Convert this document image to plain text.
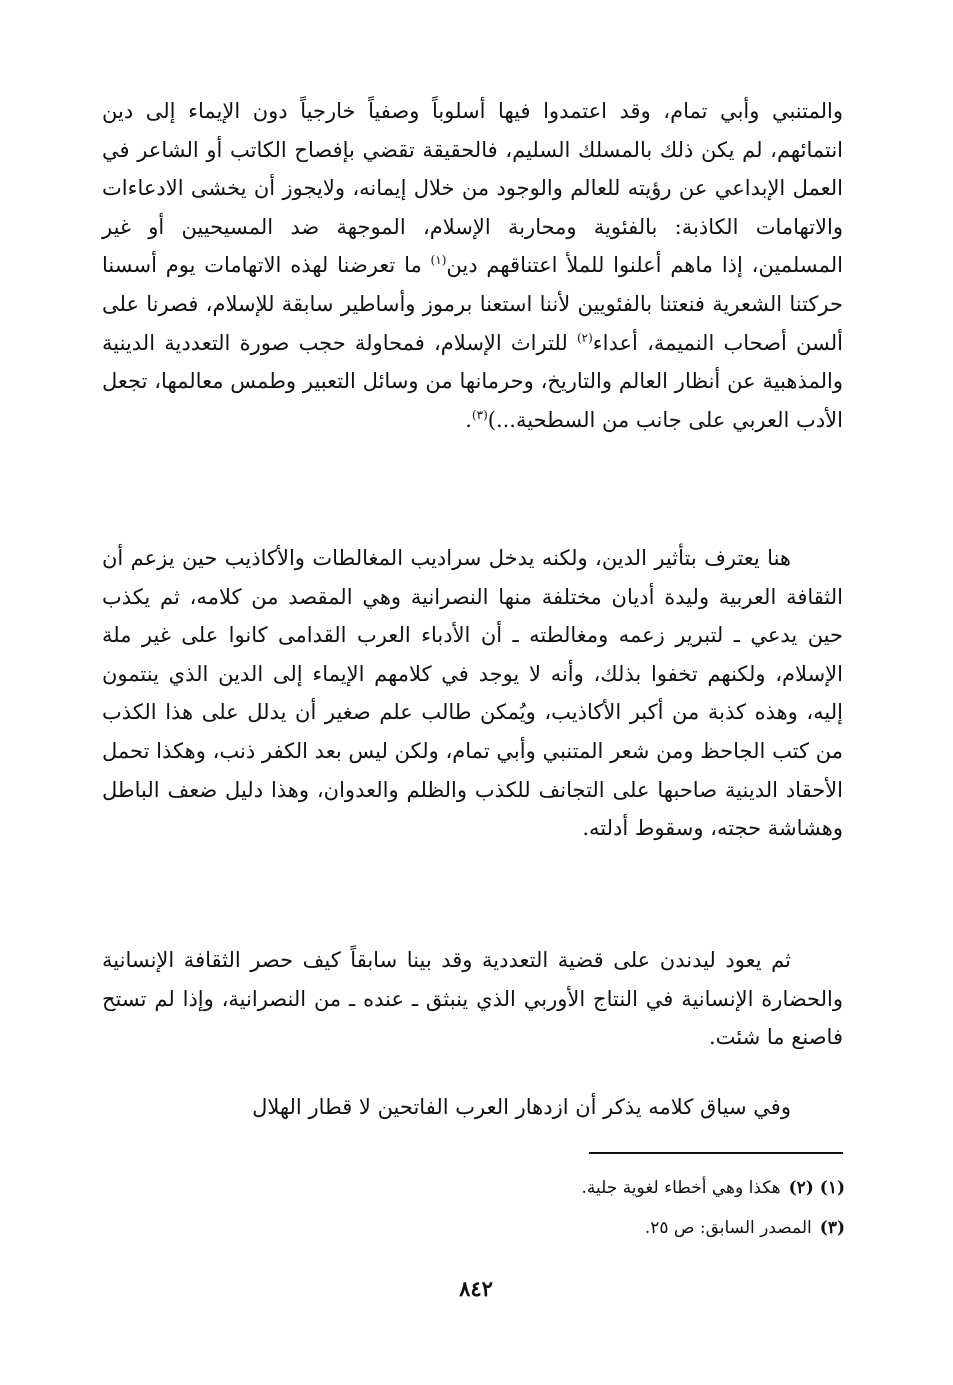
والمتنبي وأبي تمام، وقد اعتمدوا فيها أسلوباً وصفياً خارجياً دون الإيماء إلى دين انتمائهم، لم يكن ذلك بالمسلك السليم، فالحقيقة تقضي بإفصاح الكاتب أو الشاعر في العمل الإبداعي عن رؤيته للعالم والوجود من خلال إيمانه، ولايجوز أن يخشى الادعاءات والاتهامات الكاذبة: بالفئوية ومحاربة الإسلام، الموجهة ضد المسيحيين أو غير المسلمين، إذا ماهم أعلنوا للملأ اعتناقهم دين$^{(١)}$ ما تعرضنا لهذه الاتهامات يوم أسسنا حركتنا الشعرية فنعتنا بالفئويين لأننا استعنا برموز وأساطير سابقة للإسلام، فصرنا على ألسن أصحاب النميمة، أعداء$^{(٢)}$ للتراث الإسلام، فمحاولة حجب صورة التعددية الدينية والمذهبية عن أنظار العالم والتاريخ، وحرمانها من وسائل التعبير وطمس معالمها، تجعل الأدب العربي على جانب من السطحية...)$^{(٣)}$.

هنا يعترف بتأثير الدين، ولكنه يدخل سراديب المغالطات والأكاذيب حين يزعم أن الثقافة العربية وليدة أديان مختلفة منها النصرانية وهي المقصد من كلامه، ثم يكذب حين يدعي ـ لتبرير زعمه ومغالطته ـ أن الأدباء العرب القدامى كانوا على غير ملة الإسلام، ولكنهم تخفوا بذلك، وأنه لا يوجد في كلامهم الإيماء إلى الدين الذي ينتمون إليه، وهذه كذبة من أكبر الأكاذيب، ويُمكن طالب علم صغير أن يدلل على هذا الكذب من كتب الجاحظ ومن شعر المتنبي وأبي تمام، ولكن ليس بعد الكفر ذنب، وهكذا تحمل الأحقاد الدينية صاحبها على التجانف للكذب والظلم والعدوان، وهذا دليل ضعف الباطل وهشاشة حجته، وسقوط أدلته.

ثم يعود ليدندن على قضية التعددية وقد بينا سابقاً كيف حصر الثقافة الإنسانية والحضارة الإنسانية في النتاج الأوربي الذي ينبثق ـ عنده ـ من النصرانية، وإذا لم تستح فاصنع ما شئت.

وفي سياق كلامه يذكر أن ازدهار العرب الفاتحين لا قطار الهلال

(١) (٢)هكذا وهي أخطاء لغوية جلية.
(٣)المصدر السابق: ص ٢٥.
٨٤٢
